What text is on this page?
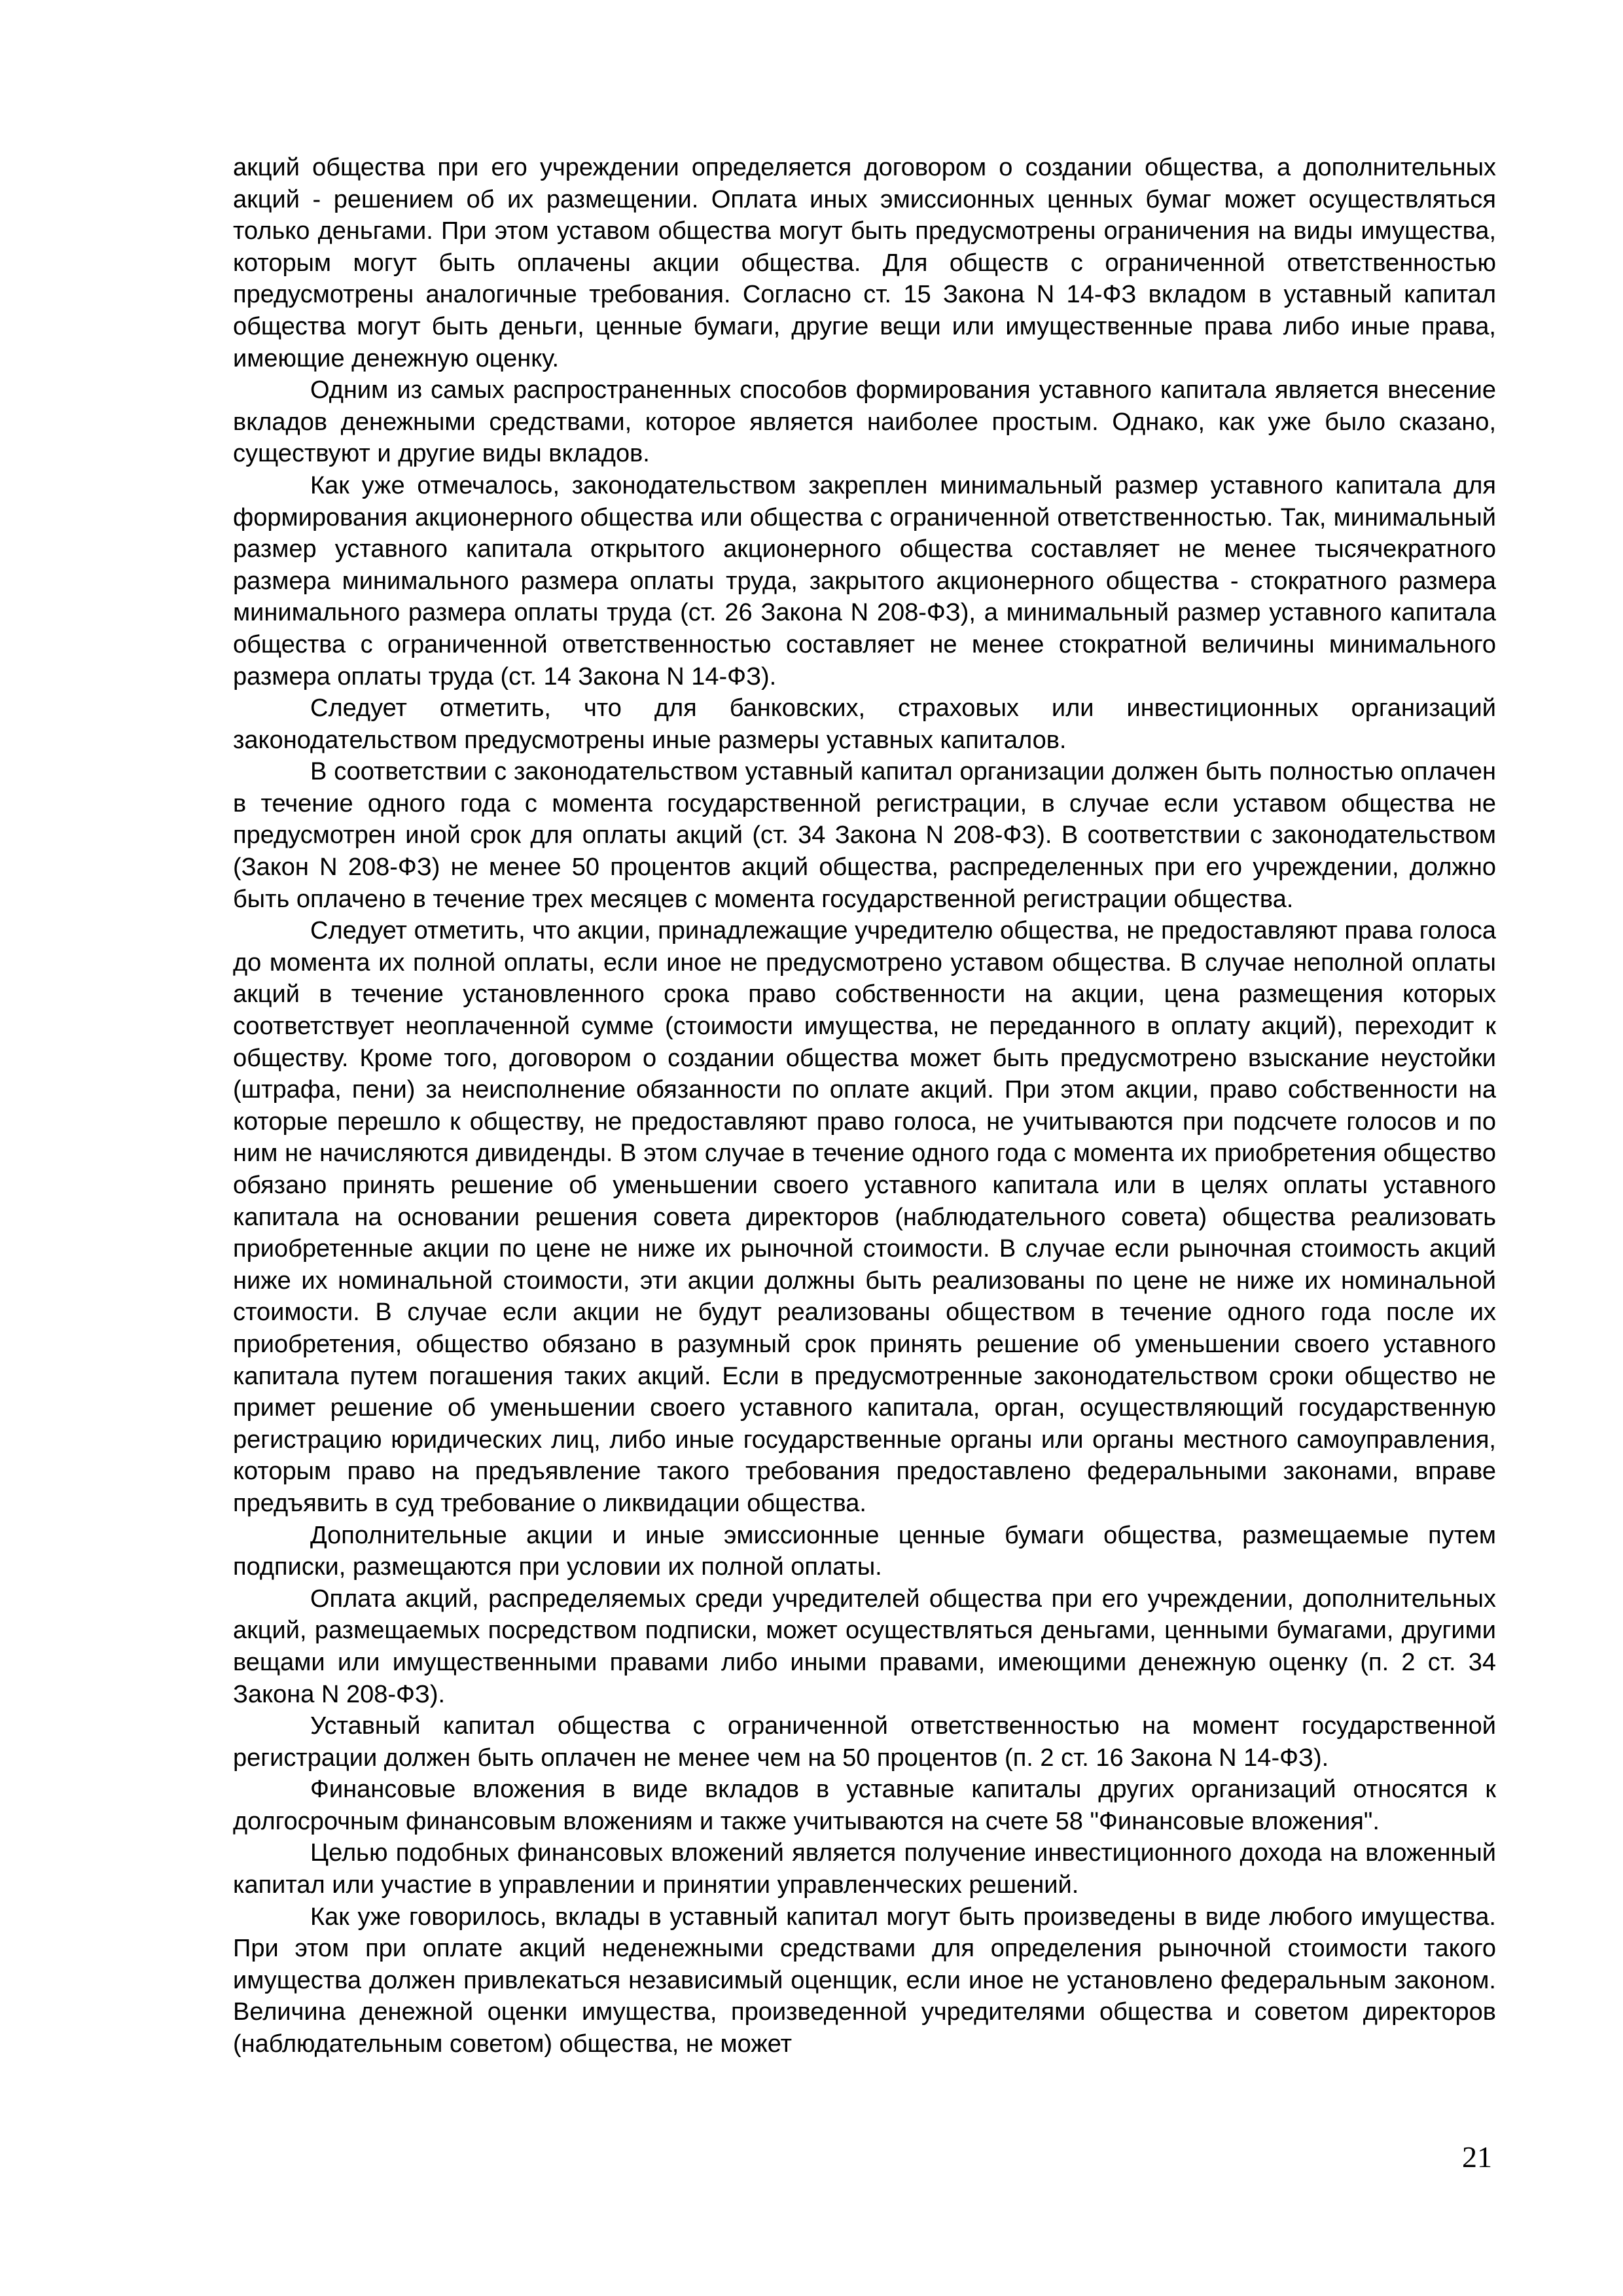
акций общества при его учреждении определяется договором о создании общества, а дополнительных акций - решением об их размещении. Оплата иных эмиссионных ценных бумаг может осуществляться только деньгами. При этом уставом общества могут быть предусмотрены ограничения на виды имущества, которым могут быть оплачены акции общества. Для обществ с ограниченной ответственностью предусмотрены аналогичные требования. Согласно ст. 15 Закона N 14-ФЗ вкладом в уставный капитал общества могут быть деньги, ценные бумаги, другие вещи или имущественные права либо иные права, имеющие денежную оценку.

Одним из самых распространенных способов формирования уставного капитала является внесение вкладов денежными средствами, которое является наиболее простым. Однако, как уже было сказано, существуют и другие виды вкладов.

Как уже отмечалось, законодательством закреплен минимальный размер уставного капитала для формирования акционерного общества или общества с ограниченной ответственностью. Так, минимальный размер уставного капитала открытого акционерного общества составляет не менее тысячекратного размера минимального размера оплаты труда, закрытого акционерного общества - стократного размера минимального размера оплаты труда (ст. 26 Закона N 208-ФЗ), а минимальный размер уставного капитала общества с ограниченной ответственностью составляет не менее стократной величины минимального размера оплаты труда (ст. 14 Закона N 14-ФЗ).

Следует отметить, что для банковских, страховых или инвестиционных организаций законодательством предусмотрены иные размеры уставных капиталов.

В соответствии с законодательством уставный капитал организации должен быть полностью оплачен в течение одного года с момента государственной регистрации, в случае если уставом общества не предусмотрен иной срок для оплаты акций (ст. 34 Закона N 208-ФЗ). В соответствии с законодательством (Закон N 208-ФЗ) не менее 50 процентов акций общества, распределенных при его учреждении, должно быть оплачено в течение трех месяцев с момента государственной регистрации общества.

Следует отметить, что акции, принадлежащие учредителю общества, не предоставляют права голоса до момента их полной оплаты, если иное не предусмотрено уставом общества. В случае неполной оплаты акций в течение установленного срока право собственности на акции, цена размещения которых соответствует неоплаченной сумме (стоимости имущества, не переданного в оплату акций), переходит к обществу. Кроме того, договором о создании общества может быть предусмотрено взыскание неустойки (штрафа, пени) за неисполнение обязанности по оплате акций. При этом акции, право собственности на которые перешло к обществу, не предоставляют право голоса, не учитываются при подсчете голосов и по ним не начисляются дивиденды. В этом случае в течение одного года с момента их приобретения общество обязано принять решение об уменьшении своего уставного капитала или в целях оплаты уставного капитала на основании решения совета директоров (наблюдательного совета) общества реализовать приобретенные акции по цене не ниже их рыночной стоимости. В случае если рыночная стоимость акций ниже их номинальной стоимости, эти акции должны быть реализованы по цене не ниже их номинальной стоимости. В случае если акции не будут реализованы обществом в течение одного года после их приобретения, общество обязано в разумный срок принять решение об уменьшении своего уставного капитала путем погашения таких акций. Если в предусмотренные законодательством сроки общество не примет решение об уменьшении своего уставного капитала, орган, осуществляющий государственную регистрацию юридических лиц, либо иные государственные органы или органы местного самоуправления, которым право на предъявление такого требования предоставлено федеральными законами, вправе предъявить в суд требование о ликвидации общества.

Дополнительные акции и иные эмиссионные ценные бумаги общества, размещаемые путем подписки, размещаются при условии их полной оплаты.

Оплата акций, распределяемых среди учредителей общества при его учреждении, дополнительных акций, размещаемых посредством подписки, может осуществляться деньгами, ценными бумагами, другими вещами или имущественными правами либо иными правами, имеющими денежную оценку (п. 2 ст. 34 Закона N 208-ФЗ).

Уставный капитал общества с ограниченной ответственностью на момент государственной регистрации должен быть оплачен не менее чем на 50 процентов (п. 2 ст. 16 Закона N 14-ФЗ).

Финансовые вложения в виде вкладов в уставные капиталы других организаций относятся к долгосрочным финансовым вложениям и также учитываются на счете 58 "Финансовые вложения".

Целью подобных финансовых вложений является получение инвестиционного дохода на вложенный капитал или участие в управлении и принятии управленческих решений.

Как уже говорилось, вклады в уставный капитал могут быть произведены в виде любого имущества. При этом при оплате акций неденежными средствами для определения рыночной стоимости такого имущества должен привлекаться независимый оценщик, если иное не установлено федеральным законом. Величина денежной оценки имущества, произведенной учредителями общества и советом директоров (наблюдательным советом) общества, не может

21
